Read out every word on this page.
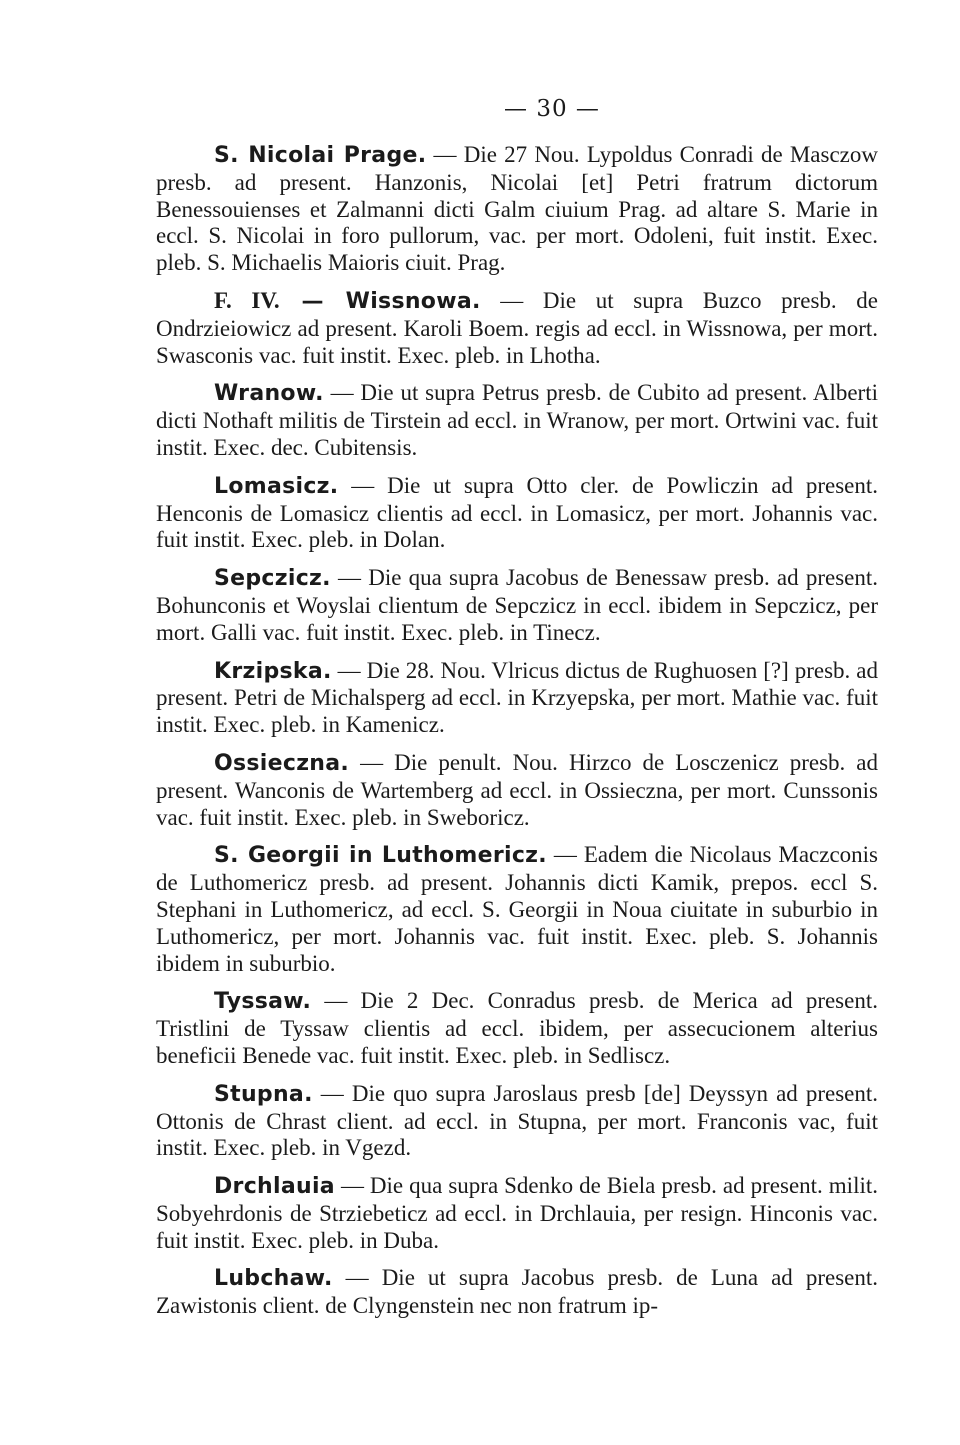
— 30 —

S. Nicolai Prage. — Die 27 Nou. Lypoldus Conradi de Masczow presb. ad present. Hanzonis, Nicolai [et] Petri fratrum dictorum Benessouienses et Zalmanni dicti Galm ciuium Prag. ad altare S. Marie in eccl. S. Nicolai in foro pullorum, vac. per mort. Odoleni, fuit instit. Exec. pleb. S. Michaelis Maioris ciuit. Prag.

F. IV. — Wissnowa. — Die ut supra Buzco presb. de Ondrzieiowicz ad present. Karoli Boem. regis ad eccl. in Wissnowa, per mort. Swasconis vac. fuit instit. Exec. pleb. in Lhotha.

Wranow. — Die ut supra Petrus presb. de Cubito ad present. Alberti dicti Nothaft militis de Tirstein ad eccl. in Wranow, per mort. Ortwini vac. fuit instit. Exec. dec. Cubitensis.

Lomasicz. — Die ut supra Otto cler. de Powliczin ad present. Henconis de Lomasicz clientis ad eccl. in Lomasicz, per mort. Johannis vac. fuit instit. Exec. pleb. in Dolan.

Sepczicz. — Die qua supra Jacobus de Benessaw presb. ad present. Bohunconis et Woyslai clientum de Sepczicz in eccl. ibidem in Sepczicz, per mort. Galli vac. fuit instit. Exec. pleb. in Tinecz.

Krzipska. — Die 28. Nou. Vlricus dictus de Rughuosen [?] presb. ad present. Petri de Michalsperg ad eccl. in Krzyepska, per mort. Mathie vac. fuit instit. Exec. pleb. in Kamenicz.

Ossieczna. — Die penult. Nou. Hirzco de Losczenicz presb. ad present. Wanconis de Wartemberg ad eccl. in Ossieczna, per mort. Cunssonis vac. fuit instit. Exec. pleb. in Sweboricz.

S. Georgii in Luthomericz. — Eadem die Nicolaus Maczconis de Luthomericz presb. ad present. Johannis dicti Kamik, prepos. eccl S. Stephani in Luthomericz, ad eccl. S. Georgii in Noua ciuitate in suburbio in Luthomericz, per mort. Johannis vac. fuit instit. Exec. pleb. S. Johannis ibidem in suburbio.

Tyssaw. — Die 2 Dec. Conradus presb. de Merica ad present. Tristlini de Tyssaw clientis ad eccl. ibidem, per assecucionem alterius beneficii Benede vac. fuit instit. Exec. pleb. in Sedliscz.

Stupna. — Die quo supra Jaroslaus presb [de] Deyssyn ad present. Ottonis de Chrast client. ad eccl. in Stupna, per mort. Franconis vac, fuit instit. Exec. pleb. in Vgezd.

Drchlauia — Die qua supra Sdenko de Biela presb. ad present. milit. Sobyehrdonis de Strziebeticz ad eccl. in Drchlauia, per resign. Hinconis vac. fuit instit. Exec. pleb. in Duba.

Lubchaw. — Die ut supra Jacobus presb. de Luna ad present. Zawistonis client. de Clyngenstein nec non fratrum ip-
